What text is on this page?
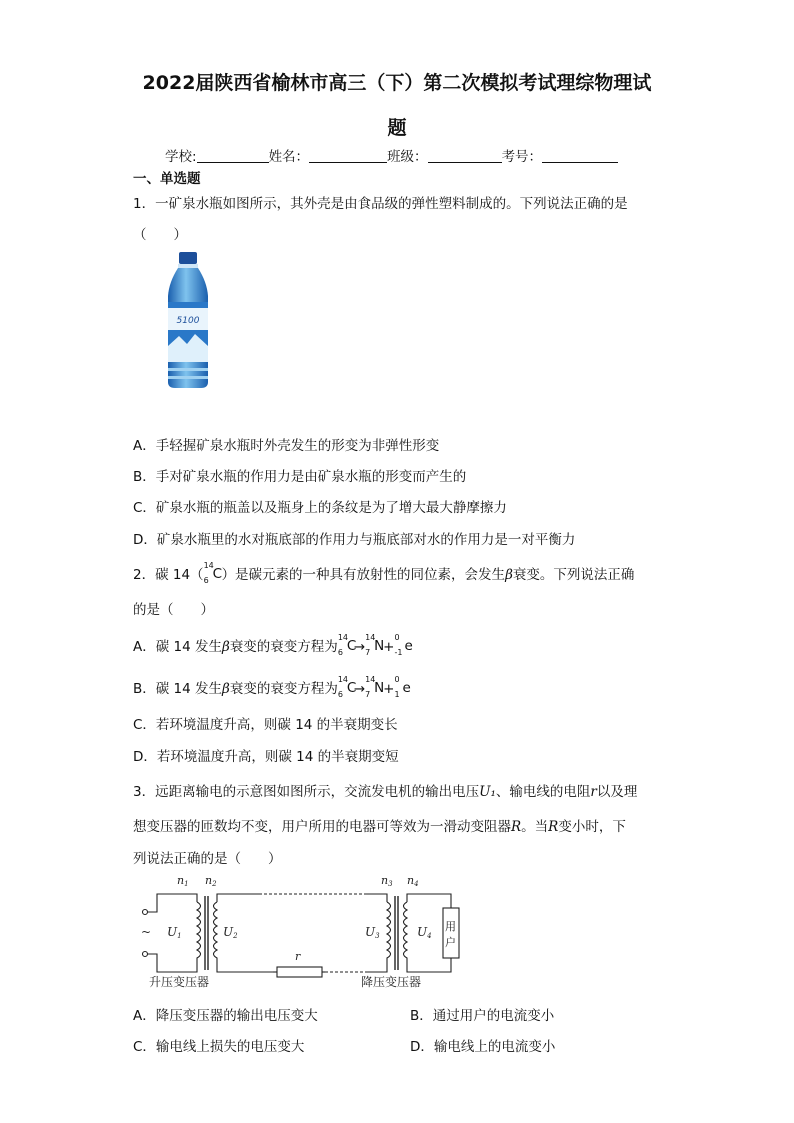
2022届陕西省榆林市高三（下）第二次模拟考试理综物理试
题
学校:	姓名：	班级：	考号：
一、单选题
1．一矿泉水瓶如图所示，其外壳是由食品级的弹性塑料制成的。下列说法正确的是
（　　）
5100
A．手轻握矿泉水瓶时外壳发生的形变为非弹性形变
B．手对矿泉水瓶的作用力是由矿泉水瓶的形变而产生的
C．矿泉水瓶的瓶盖以及瓶身上的条纹是为了增大最大静摩擦力
D．矿泉水瓶里的水对瓶底部的作用力与瓶底部对水的作用力是一对平衡力
2．碳 14（
14
6 C ）是碳元素的一种具有放射性的同位素，会发生β衰变。下列说法正确
的是（　　）
A．碳 14 发生β衰变的衰变方程为
14
6 C
→
14
7 N
+
0
-1 e
B．碳 14 发生β衰变的衰变方程为
14
6 C
→
14
7 N
+
0
1 e
C．若环境温度升高，则碳 14 的半衰期变长
D．若环境温度升高，则碳 14 的半衰期变短
3．远距离输电的示意图如图所示，交流发电机的输出电压U₁、输电线的电阻r以及理
想变压器的匝数均不变，用户所用的电器可等效为一滑动变阻器R。当R变小时，下
列说法正确的是（　　）
n1 n2	n3 n4
~
r
用
户
U1	U2	U3	U4
升压变压器	降压变压器
A．降压变压器的输出电压变大	B．通过用户的电流变小
C．输电线上损失的电压变大	D．输电线上的电流变小
